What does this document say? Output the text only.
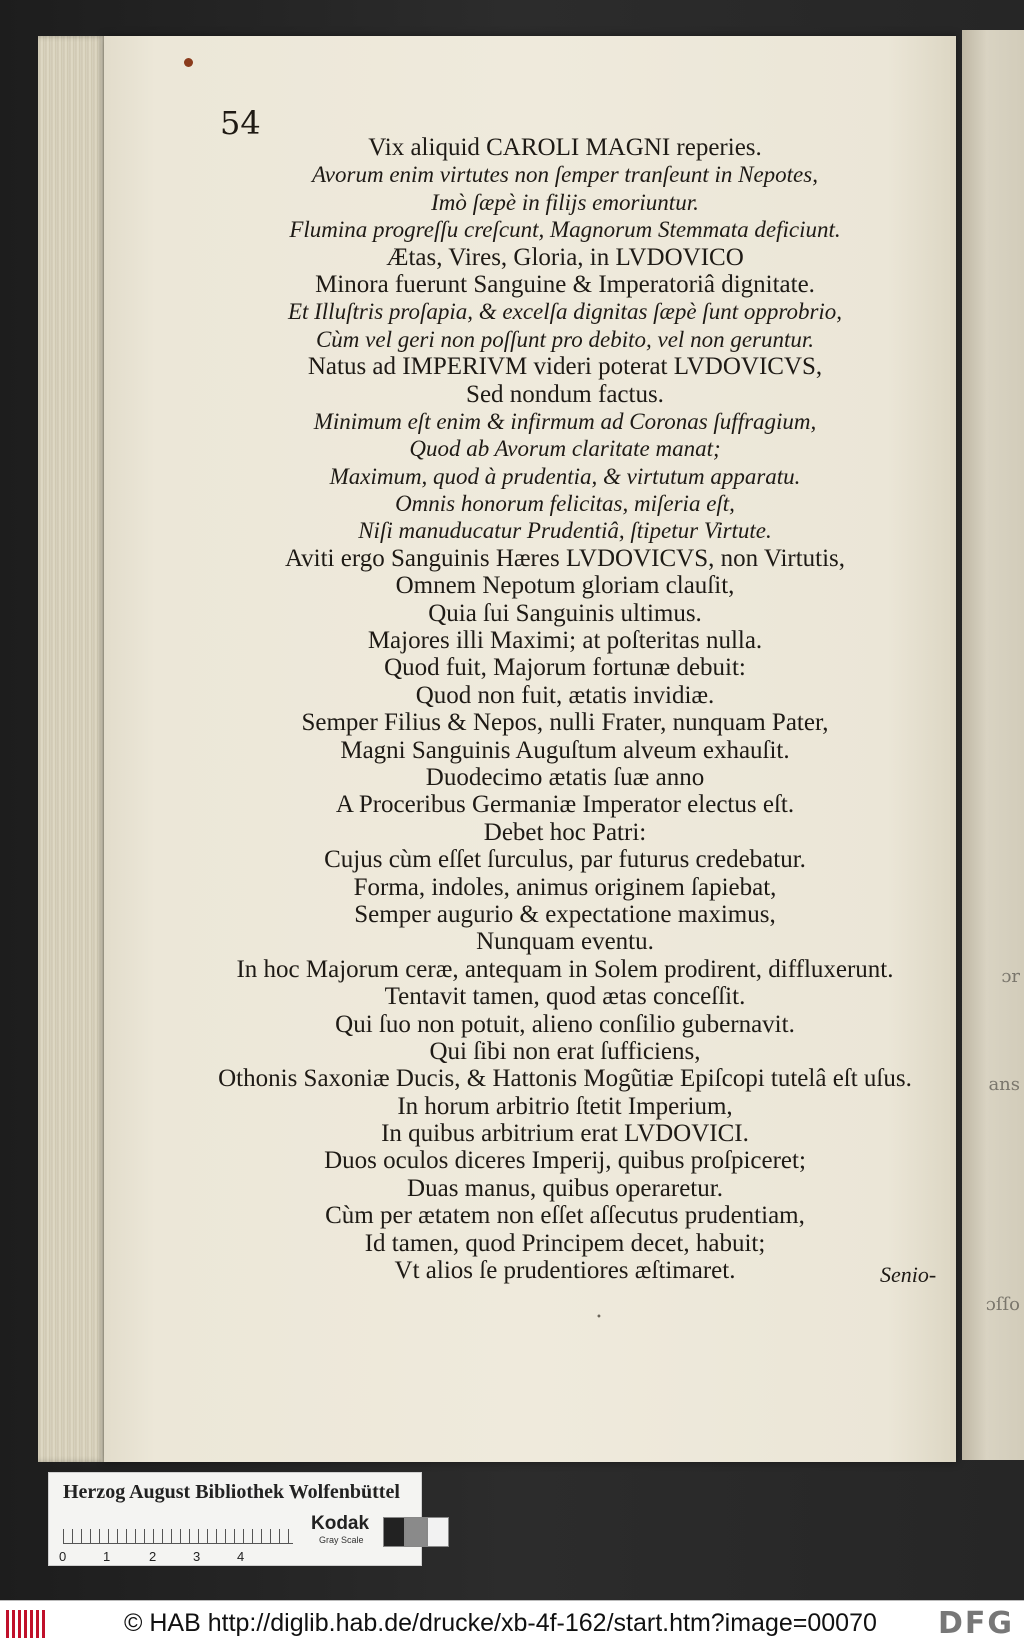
ɔr
ans
ɔſſo
54
Vix aliquid CAROLI MAGNI reperies.
Avorum enim virtutes non ſemper tranſeunt in Nepotes,
Imò ſæpè in filijs emoriuntur.
Flumina progreſſu creſcunt, Magnorum Stemmata deficiunt.
Ætas, Vires, Gloria, in LVDOVICO
Minora fuerunt Sanguine & Imperatoriâ dignitate.
Et Illuſtris proſapia, & excelſa dignitas ſæpè ſunt opprobrio,
Cùm vel geri non poſſunt pro debito, vel non geruntur.
Natus ad IMPERIVM videri poterat LVDOVICVS,
Sed nondum factus.
Minimum eſt enim & infirmum ad Coronas ſuffragium,
Quod ab Avorum claritate manat;
Maximum, quod à prudentia, & virtutum apparatu.
Omnis honorum felicitas, miſeria eſt,
Niſi manuducatur Prudentiâ, ſtipetur Virtute.
Aviti ergo Sanguinis Hæres LVDOVICVS, non Virtutis,
Omnem Nepotum gloriam clauſit,
Quia ſui Sanguinis ultimus.
Majores illi Maximi; at poſteritas nulla.
Quod fuit, Majorum fortunæ debuit:
Quod non fuit, ætatis invidiæ.
Semper Filius & Nepos, nulli Frater, nunquam Pater,
Magni Sanguinis Auguſtum alveum exhauſit.
Duodecimo ætatis ſuæ anno
A Proceribus Germaniæ Imperator electus eſt.
Debet hoc Patri:
Cujus cùm eſſet ſurculus, par futurus credebatur.
Forma, indoles, animus originem ſapiebat,
Semper augurio & expectatione maximus,
Nunquam eventu.
In hoc Majorum ceræ, antequam in Solem prodirent, diffluxerunt.
Tentavit tamen, quod ætas conceſſit.
Qui ſuo non potuit, alieno conſilio gubernavit.
Qui ſibi non erat ſufficiens,
Othonis Saxoniæ Ducis, & Hattonis Mogũtiæ Epiſcopi tutelâ eſt uſus.
In horum arbitrio ſtetit Imperium,
In quibus arbitrium erat LVDOVICI.
Duos oculos diceres Imperij, quibus proſpiceret;
Duas manus, quibus operaretur.
Cùm per ætatem non eſſet aſſecutus prudentiam,
Id tamen, quod Principem decet, habuit;
Vt alios ſe prudentiores æſtimaret.	Senio-
•
Herzog August Bibliothek Wolfenbüttel
0	1	2	3	4
Kodak
Gray Scale
© HAB http://diglib.hab.de/drucke/xb-4f-162/start.htm?image=00070 DFG
